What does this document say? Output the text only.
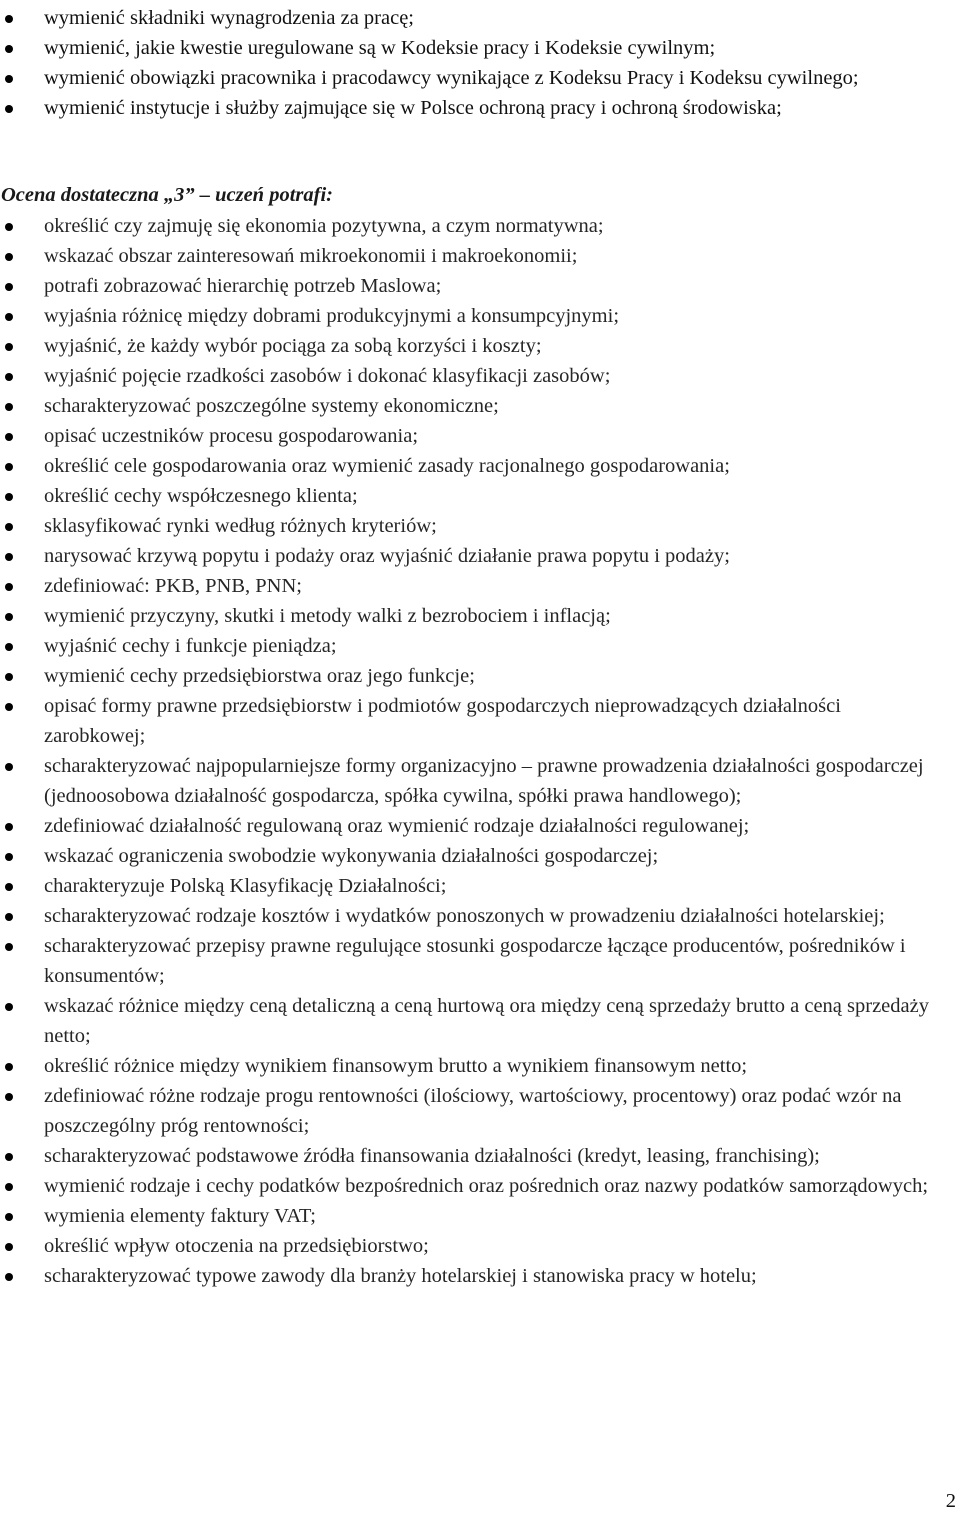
wymienić składniki wynagrodzenia za pracę;
wymienić, jakie kwestie uregulowane są w Kodeksie pracy i Kodeksie cywilnym;
wymienić obowiązki pracownika i pracodawcy wynikające z Kodeksu Pracy i Kodeksu cywilnego;
wymienić instytucje i służby zajmujące się w Polsce ochroną pracy i ochroną środowiska;
Ocena dostateczna „3” – uczeń potrafi:
określić czy zajmuję się ekonomia pozytywna, a czym normatywna;
wskazać obszar zainteresowań mikroekonomii i makroekonomii;
potrafi zobrazować hierarchię potrzeb Maslowa;
wyjaśnia różnicę między dobrami produkcyjnymi a konsumpcyjnymi;
wyjaśnić, że każdy wybór pociąga za sobą korzyści i koszty;
wyjaśnić pojęcie rzadkości zasobów i dokonać klasyfikacji zasobów;
scharakteryzować poszczególne systemy ekonomiczne;
opisać uczestników procesu gospodarowania;
określić cele gospodarowania oraz wymienić zasady racjonalnego gospodarowania;
określić cechy współczesnego klienta;
sklasyfikować rynki według różnych kryteriów;
narysować krzywą popytu i podaży oraz wyjaśnić działanie prawa popytu i podaży;
zdefiniować: PKB, PNB, PNN;
wymienić przyczyny, skutki i metody walki z bezrobociem i inflacją;
wyjaśnić cechy i funkcje pieniądza;
wymienić cechy przedsiębiorstwa oraz jego funkcje;
opisać formy prawne przedsiębiorstw i podmiotów gospodarczych nieprowadzących działalności zarobkowej;
scharakteryzować najpopularniejsze formy organizacyjno – prawne prowadzenia działalności gospodarczej (jednoosobowa działalność gospodarcza, spółka cywilna, spółki prawa handlowego);
zdefiniować działalność regulowaną oraz wymienić rodzaje działalności regulowanej;
wskazać ograniczenia swobodzie wykonywania działalności gospodarczej;
charakteryzuje Polską Klasyfikację Działalności;
scharakteryzować rodzaje kosztów i wydatków ponoszonych w prowadzeniu działalności hotelarskiej;
scharakteryzować przepisy prawne regulujące stosunki gospodarcze łączące producentów, pośredników i konsumentów;
wskazać różnice między ceną detaliczną a ceną hurtową ora między ceną sprzedaży brutto a ceną sprzedaży netto;
określić różnice między wynikiem finansowym brutto a wynikiem finansowym netto;
zdefiniować różne rodzaje progu rentowności (ilościowy, wartościowy, procentowy) oraz podać wzór na poszczególny próg rentowności;
scharakteryzować podstawowe źródła finansowania działalności (kredyt, leasing, franchising);
wymienić rodzaje i cechy podatków bezpośrednich oraz pośrednich oraz nazwy podatków samorządowych;
wymienia elementy faktury VAT;
określić wpływ otoczenia na przedsiębiorstwo;
scharakteryzować typowe zawody dla branży hotelarskiej i stanowiska pracy w hotelu;
2
